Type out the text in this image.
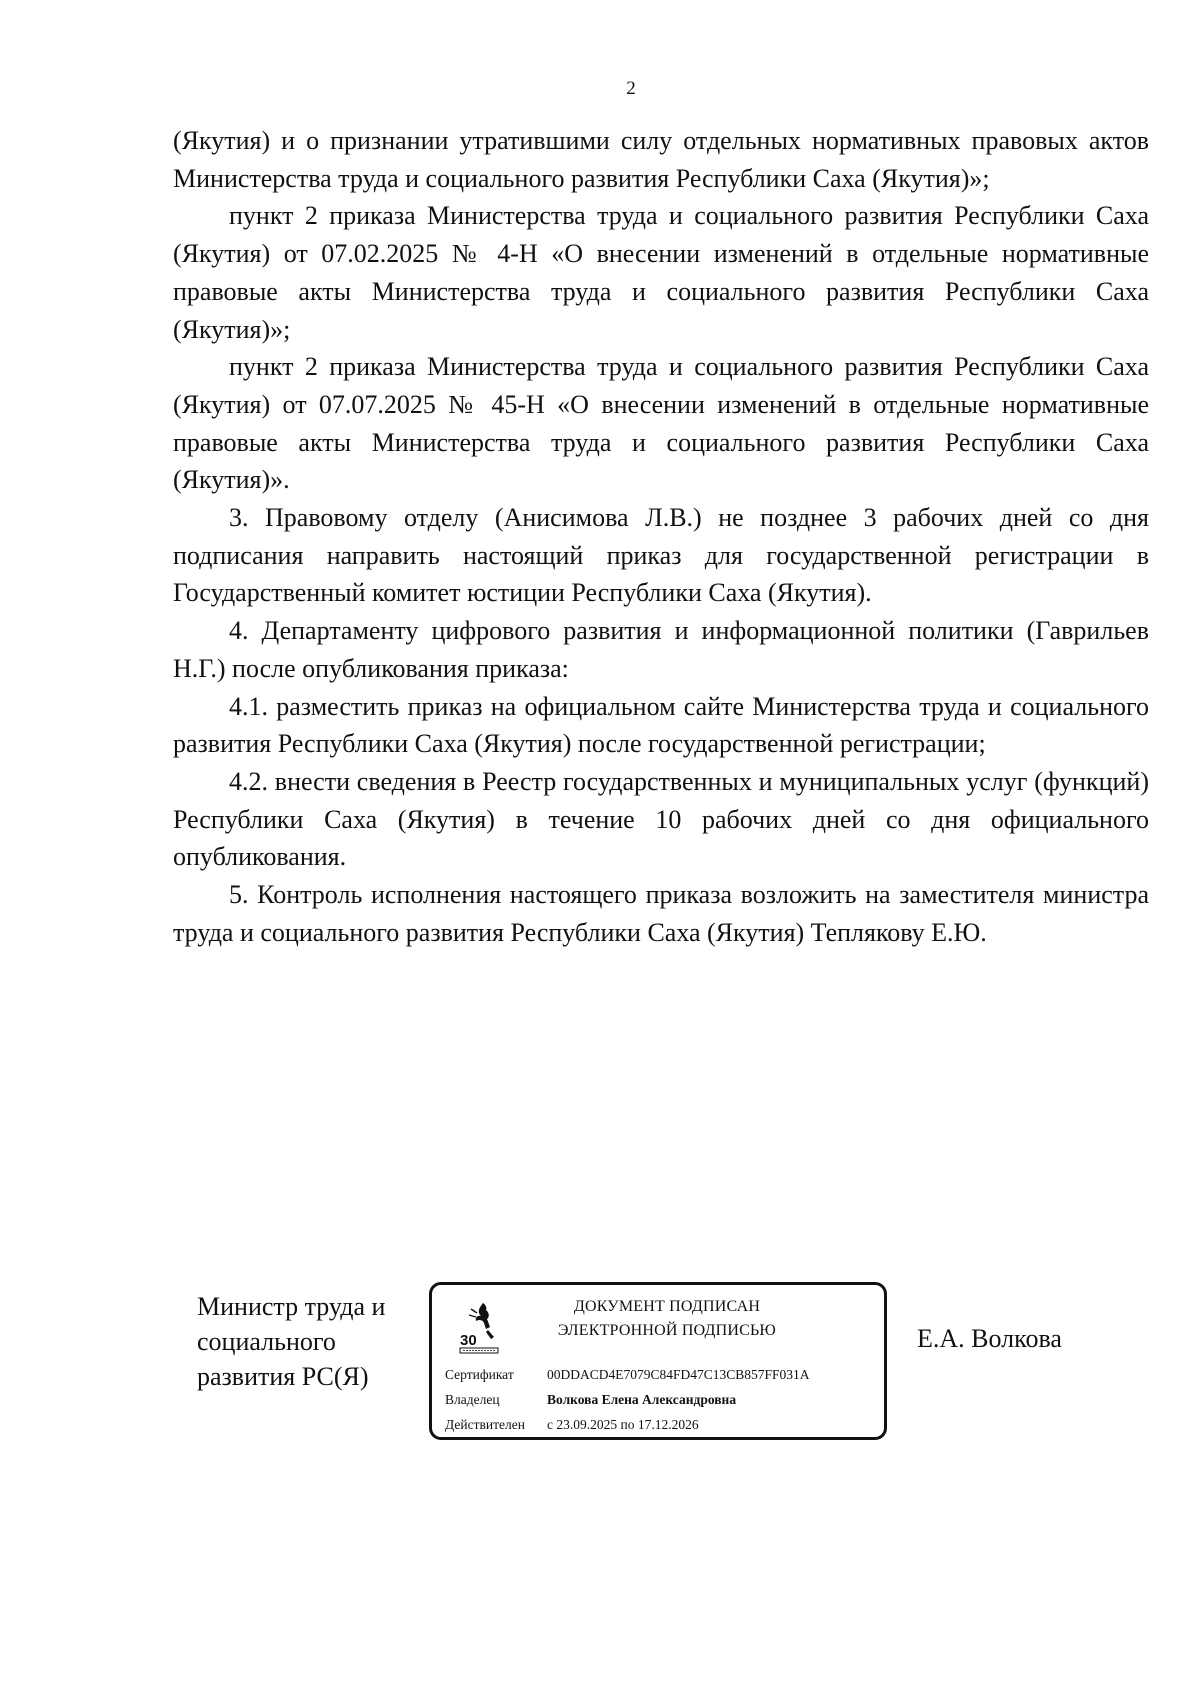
2

(Якутия) и о признании утратившими силу отдельных нормативных правовых актов Министерства труда и социального развития Республики Саха (Якутия)»;

пункт 2 приказа Министерства труда и социального развития Республики Саха (Якутия) от 07.02.2025 № 4-Н «О внесении изменений в отдельные нормативные правовые акты Министерства труда и социального развития Республики Саха (Якутия)»;

пункт 2 приказа Министерства труда и социального развития Республики Саха (Якутия) от 07.07.2025 № 45-Н «О внесении изменений в отдельные нормативные правовые акты Министерства труда и социального развития Республики Саха (Якутия)».

3. Правовому отделу (Анисимова Л.В.) не позднее 3 рабочих дней со дня подписания направить настоящий приказ для государственной регистрации в Государственный комитет юстиции Республики Саха (Якутия).

4. Департаменту цифрового развития и информационной политики (Гаврильев Н.Г.) после опубликования приказа:

4.1. разместить приказ на официальном сайте Министерства труда и социального развития Республики Саха (Якутия) после государственной регистрации;

4.2. внести сведения в Реестр государственных и муниципальных услуг (функций) Республики Саха (Якутия) в течение 10 рабочих дней со дня официального опубликования.

5. Контроль исполнения настоящего приказа возложить на заместителя министра труда и социального развития Республики Саха (Якутия) Теплякову Е.Ю.

Министр труда и
социального
развития РС(Я)
30
ДОКУМЕНТ ПОДПИСАН
ЭЛЕКТРОННОЙ ПОДПИСЬЮ
Сертификат 00DDACD4E7079C84FD47C13CB857FF031A
Владелец	Волкова Елена Александровна
Действителен с 23.09.2025 по 17.12.2026
Е.А. Волкова
